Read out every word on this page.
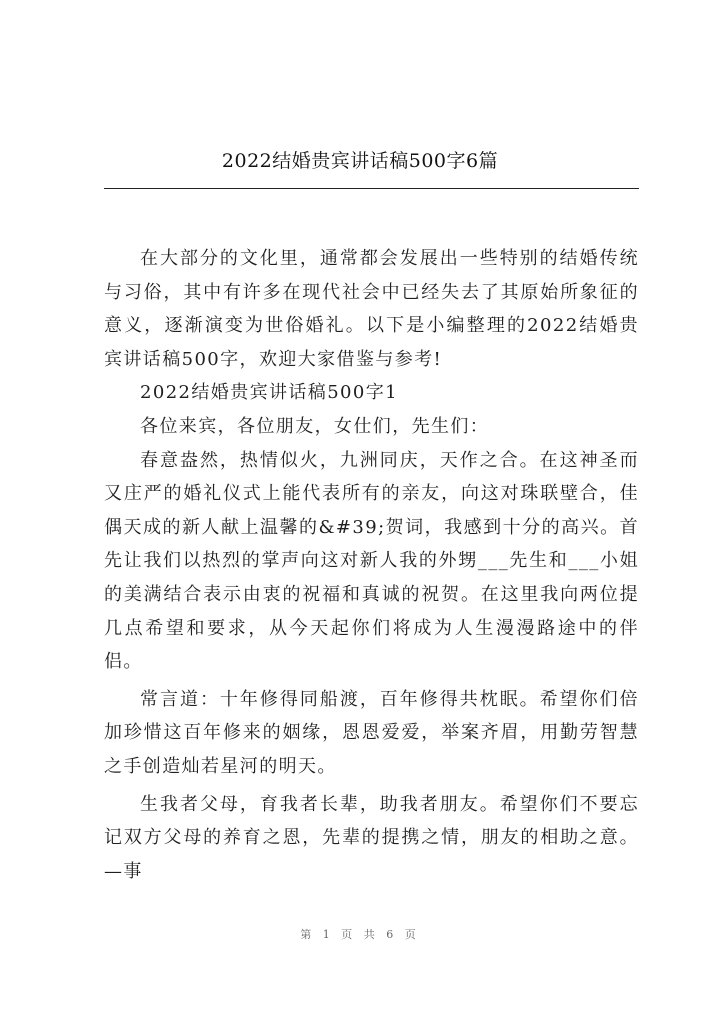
2022结婚贵宾讲话稿500字6篇

在大部分的文化里，通常都会发展出一些特别的结婚传统与习俗，其中有许多在现代社会中已经失去了其原始所象征的意义，逐渐演变为世俗婚礼。以下是小编整理的2022结婚贵宾讲话稿500字，欢迎大家借鉴与参考!

2022结婚贵宾讲话稿500字1

各位来宾，各位朋友，女仕们，先生们：

春意盎然，热情似火，九洲同庆，天作之合。在这神圣而又庄严的婚礼仪式上能代表所有的亲友，向这对珠联壁合，佳偶天成的新人献上温馨的&#39;贺词，我感到十分的高兴。首先让我们以热烈的掌声向这对新人我的外甥___先生和___小姐的美满结合表示由衷的祝福和真诚的祝贺。在这里我向两位提几点希望和要求，从今天起你们将成为人生漫漫路途中的伴侣。

常言道：十年修得同船渡，百年修得共枕眠。希望你们倍加珍惜这百年修来的姻缘，恩恩爱爱，举案齐眉，用勤劳智慧之手创造灿若星河的明天。

生我者父母，育我者长辈，助我者朋友。希望你们不要忘记双方父母的养育之恩，先辈的提携之情，朋友的相助之意。—事

第 1 页 共 6 页
